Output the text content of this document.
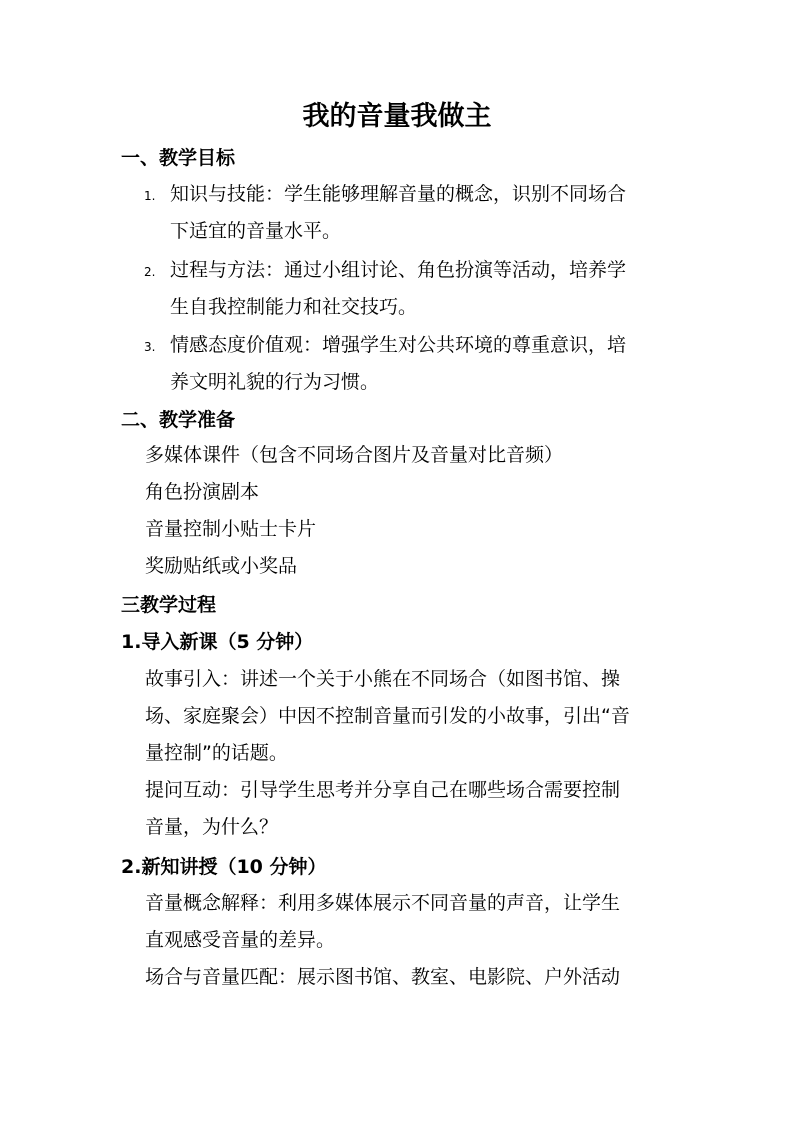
我的音量我做主
一、教学目标
1. 知识与技能：学生能够理解音量的概念，识别不同场合
下适宜的音量水平。
2. 过程与方法：通过小组讨论、角色扮演等活动，培养学
生自我控制能力和社交技巧。
3. 情感态度价值观：增强学生对公共环境的尊重意识，培
养文明礼貌的行为习惯。
二、教学准备
多媒体课件（包含不同场合图片及音量对比音频）
角色扮演剧本
音量控制小贴士卡片
奖励贴纸或小奖品
三教学过程
1.导入新课（5 分钟）
故事引入：讲述一个关于小熊在不同场合（如图书馆、操
场、家庭聚会）中因不控制音量而引发的小故事，引出“音
量控制”的话题。
提问互动：引导学生思考并分享自己在哪些场合需要控制
音量，为什么？
2.新知讲授（10 分钟）
音量概念解释：利用多媒体展示不同音量的声音，让学生
直观感受音量的差异。
场合与音量匹配：展示图书馆、教室、电影院、户外活动
